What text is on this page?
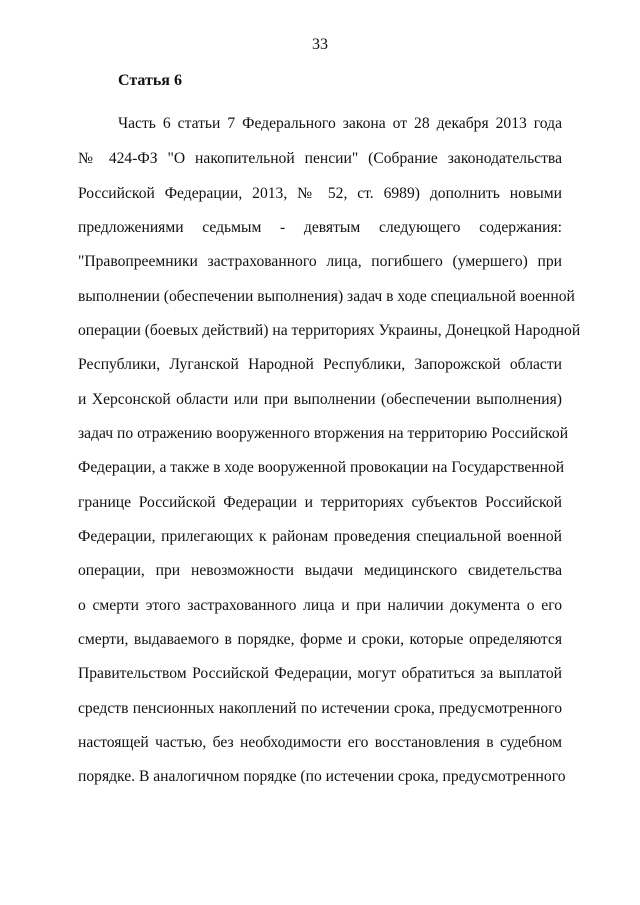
33
Статья 6
Часть 6 статьи 7 Федерального закона от 28 декабря 2013 года
№ 424-ФЗ "О накопительной пенсии" (Собрание законодательства
Российской Федерации, 2013, № 52, ст. 6989) дополнить новыми
предложениями седьмым - девятым следующего содержания:
"Правопреемники застрахованного лица, погибшего (умершего) при
выполнении (обеспечении выполнения) задач в ходе специальной военной
операции (боевых действий) на территориях Украины, Донецкой Народной
Республики, Луганской Народной Республики, Запорожской области
и Херсонской области или при выполнении (обеспечении выполнения)
задач по отражению вооруженного вторжения на территорию Российской
Федерации, а также в ходе вооруженной провокации на Государственной
границе Российской Федерации и территориях субъектов Российской
Федерации, прилегающих к районам проведения специальной военной
операции, при невозможности выдачи медицинского свидетельства
о смерти этого застрахованного лица и при наличии документа о его
смерти, выдаваемого в порядке, форме и сроки, которые определяются
Правительством Российской Федерации, могут обратиться за выплатой
средств пенсионных накоплений по истечении срока, предусмотренного
настоящей частью, без необходимости его восстановления в судебном
порядке. В аналогичном порядке (по истечении срока, предусмотренного
